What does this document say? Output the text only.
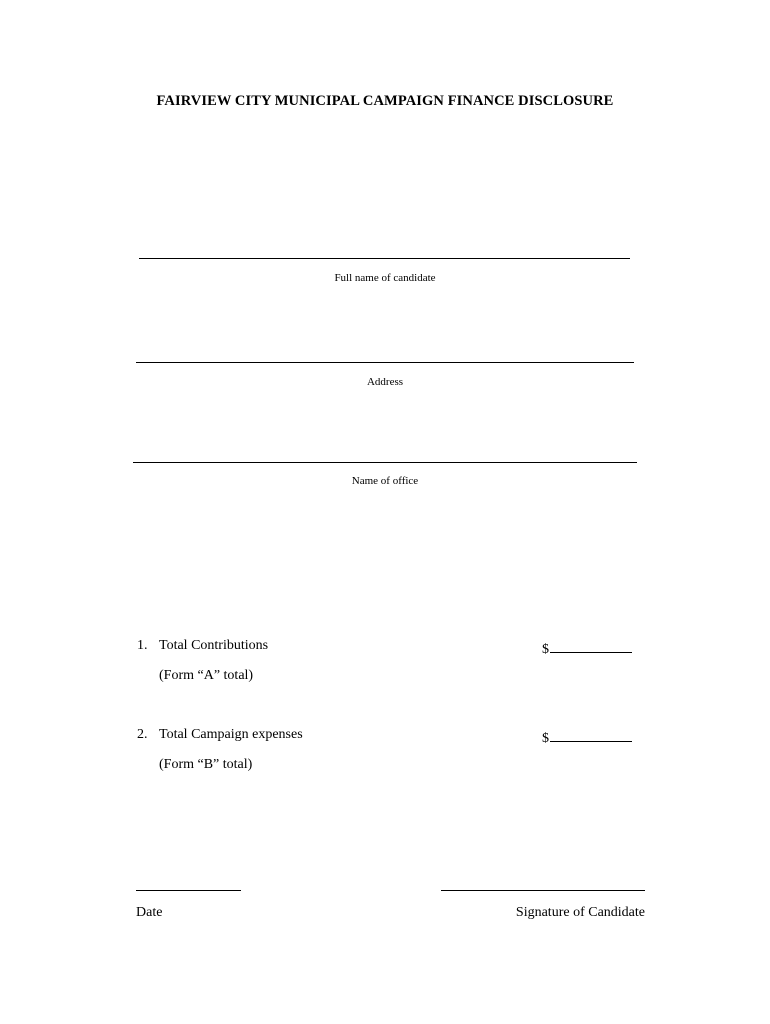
FAIRVIEW CITY MUNICIPAL CAMPAIGN FINANCE DISCLOSURE
Full name of candidate
Address
Name of office
1. Total Contributions	$
(Form “A” total)
2. Total Campaign expenses	$
(Form “B” total)
Date	Signature of Candidate
